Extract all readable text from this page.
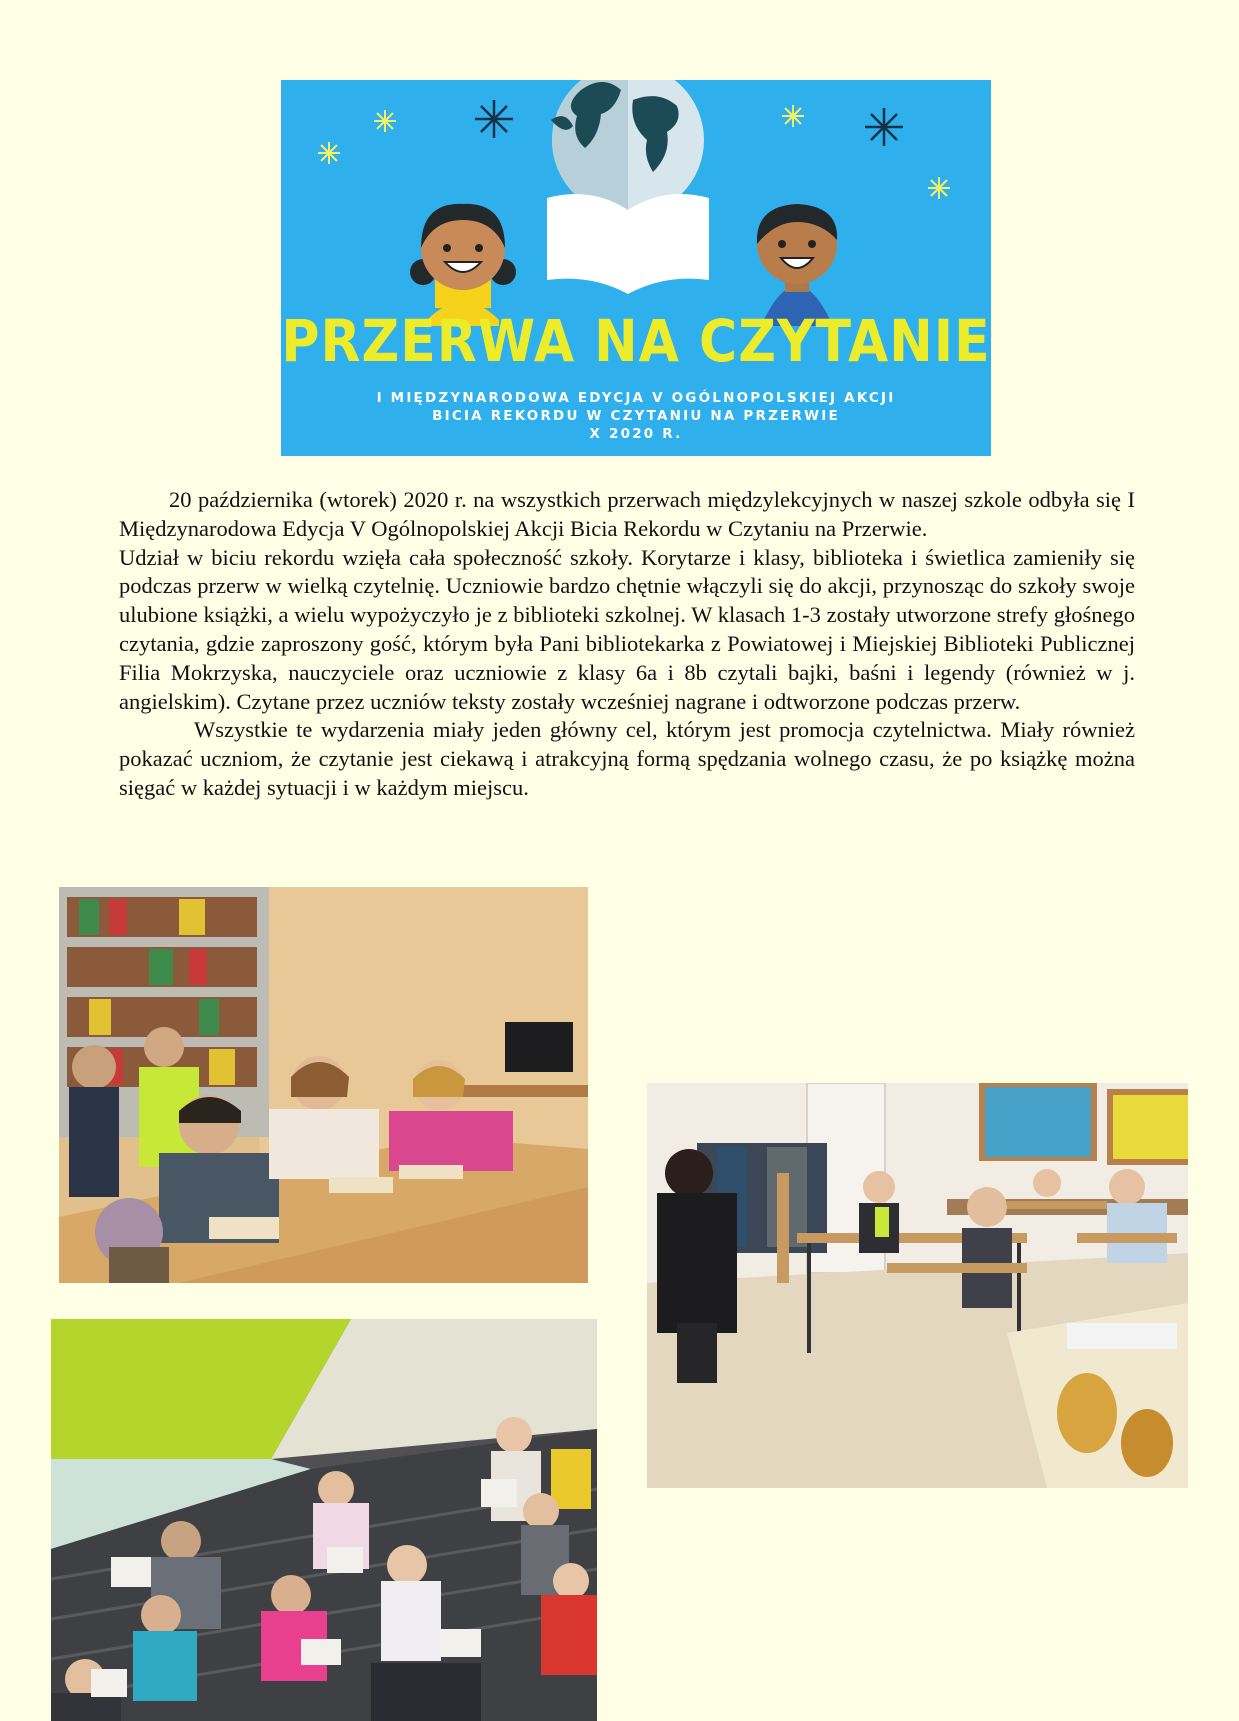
PRZERWA NA CZYTANIE
I MIĘDZYNARODOWA EDYCJA V OGÓLNOPOLSKIEJ AKCJI
BICIA REKORDU W CZYTANIU NA PRZERWIE
X 2020 R.

20 października (wtorek) 2020 r. na wszystkich przerwach międzylekcyjnych w naszej szkole odbyła się I Międzynarodowa Edycja V Ogólnopolskiej Akcji Bicia Rekordu w Czytaniu na Przerwie.

Udział w biciu rekordu wzięła cała społeczność szkoły. Korytarze i klasy, biblioteka i świetlica zamieniły się podczas przerw w wielką czytelnię. Uczniowie bardzo chętnie włączyli się do akcji, przynosząc do szkoły swoje ulubione książki, a wielu wypożyczyło je z biblioteki szkolnej. W klasach 1-3 zostały utworzone strefy głośnego czytania, gdzie zaproszony gość, którym była Pani bibliotekarka z Powiatowej i Miejskiej Biblioteki Publicznej Filia Mokrzyska, nauczyciele oraz uczniowie z klasy 6a i 8b czytali bajki, baśni i legendy (również w j. angielskim). Czytane przez uczniów teksty zostały wcześniej nagrane i odtworzone podczas przerw.

Wszystkie te wydarzenia miały jeden główny cel, którym jest promocja czytelnictwa. Miały również pokazać uczniom, że czytanie jest ciekawą i atrakcyjną formą spędzania wolnego czasu, że po książkę można sięgać w każdej sytuacji i w każdym miejscu.
